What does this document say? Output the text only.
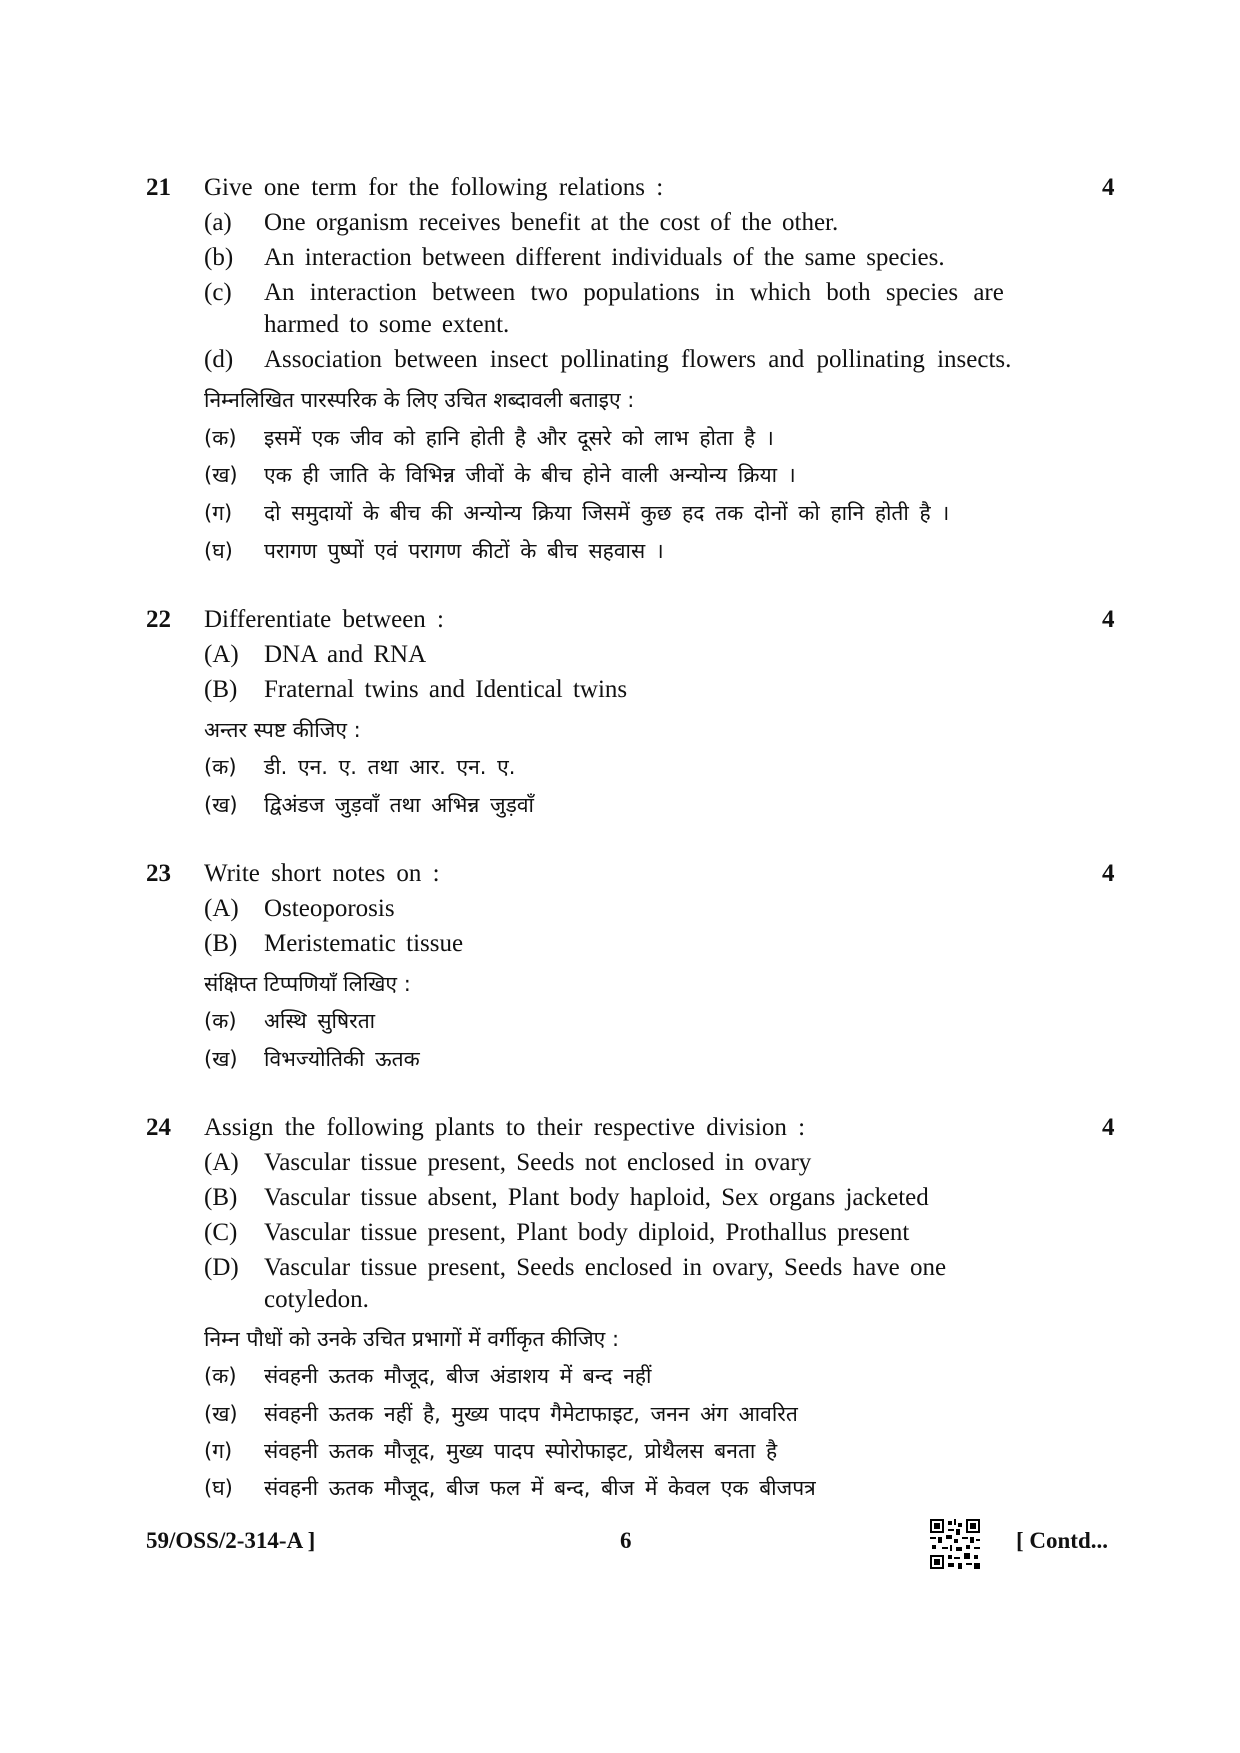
21 Give one term for the following relations :	4
(a) One organism receives benefit at the cost of the other.
(b) An interaction between different individuals of the same species.
(c) An interaction between two populations in which both species are
harmed to some extent.
(d) Association between insect pollinating flowers and pollinating insects.
निम्नलिखित पारस्परिक के लिए उचित शब्दावली बताइए :
(क) इसमें एक जीव को हानि होती है और दूसरे को लाभ होता है ।
(ख) एक ही जाति के विभिन्न जीवों के बीच होने वाली अन्योन्य क्रिया ।
(ग) दो समुदायों के बीच की अन्योन्य क्रिया जिसमें कुछ हद तक दोनों को हानि होती है ।
(घ) परागण पुष्पों एवं परागण कीटों के बीच सहवास ।
22 Differentiate between :	4
(A) DNA and RNA
(B) Fraternal twins and Identical twins
अन्तर स्पष्ट कीजिए :
(क) डी. एन. ए. तथा आर. एन. ए.
(ख) द्विअंडज जुड़वाँ तथा अभिन्न जुड़वाँ
23 Write short notes on :	4
(A) Osteoporosis
(B) Meristematic tissue
संक्षिप्त टिप्पणियाँ लिखिए :
(क) अस्थि सुषिरता
(ख) विभज्योतिकी ऊतक
24 Assign the following plants to their respective division :	4
(A) Vascular tissue present, Seeds not enclosed in ovary
(B) Vascular tissue absent, Plant body haploid, Sex organs jacketed
(C) Vascular tissue present, Plant body diploid, Prothallus present
(D) Vascular tissue present, Seeds enclosed in ovary, Seeds have one
cotyledon.
निम्न पौधों को उनके उचित प्रभागों में वर्गीकृत कीजिए :
(क) संवहनी ऊतक मौजूद, बीज अंडाशय में बन्द नहीं
(ख) संवहनी ऊतक नहीं है, मुख्य पादप गैमेटाफाइट, जनन अंग आवरित
(ग) संवहनी ऊतक मौजूद, मुख्य पादप स्पोरोफाइट, प्रोथैलस बनता है
(घ) संवहनी ऊतक मौजूद, बीज फल में बन्द, बीज में केवल एक बीजपत्र
59/OSS/2-314-A ]	6	[ Contd...
